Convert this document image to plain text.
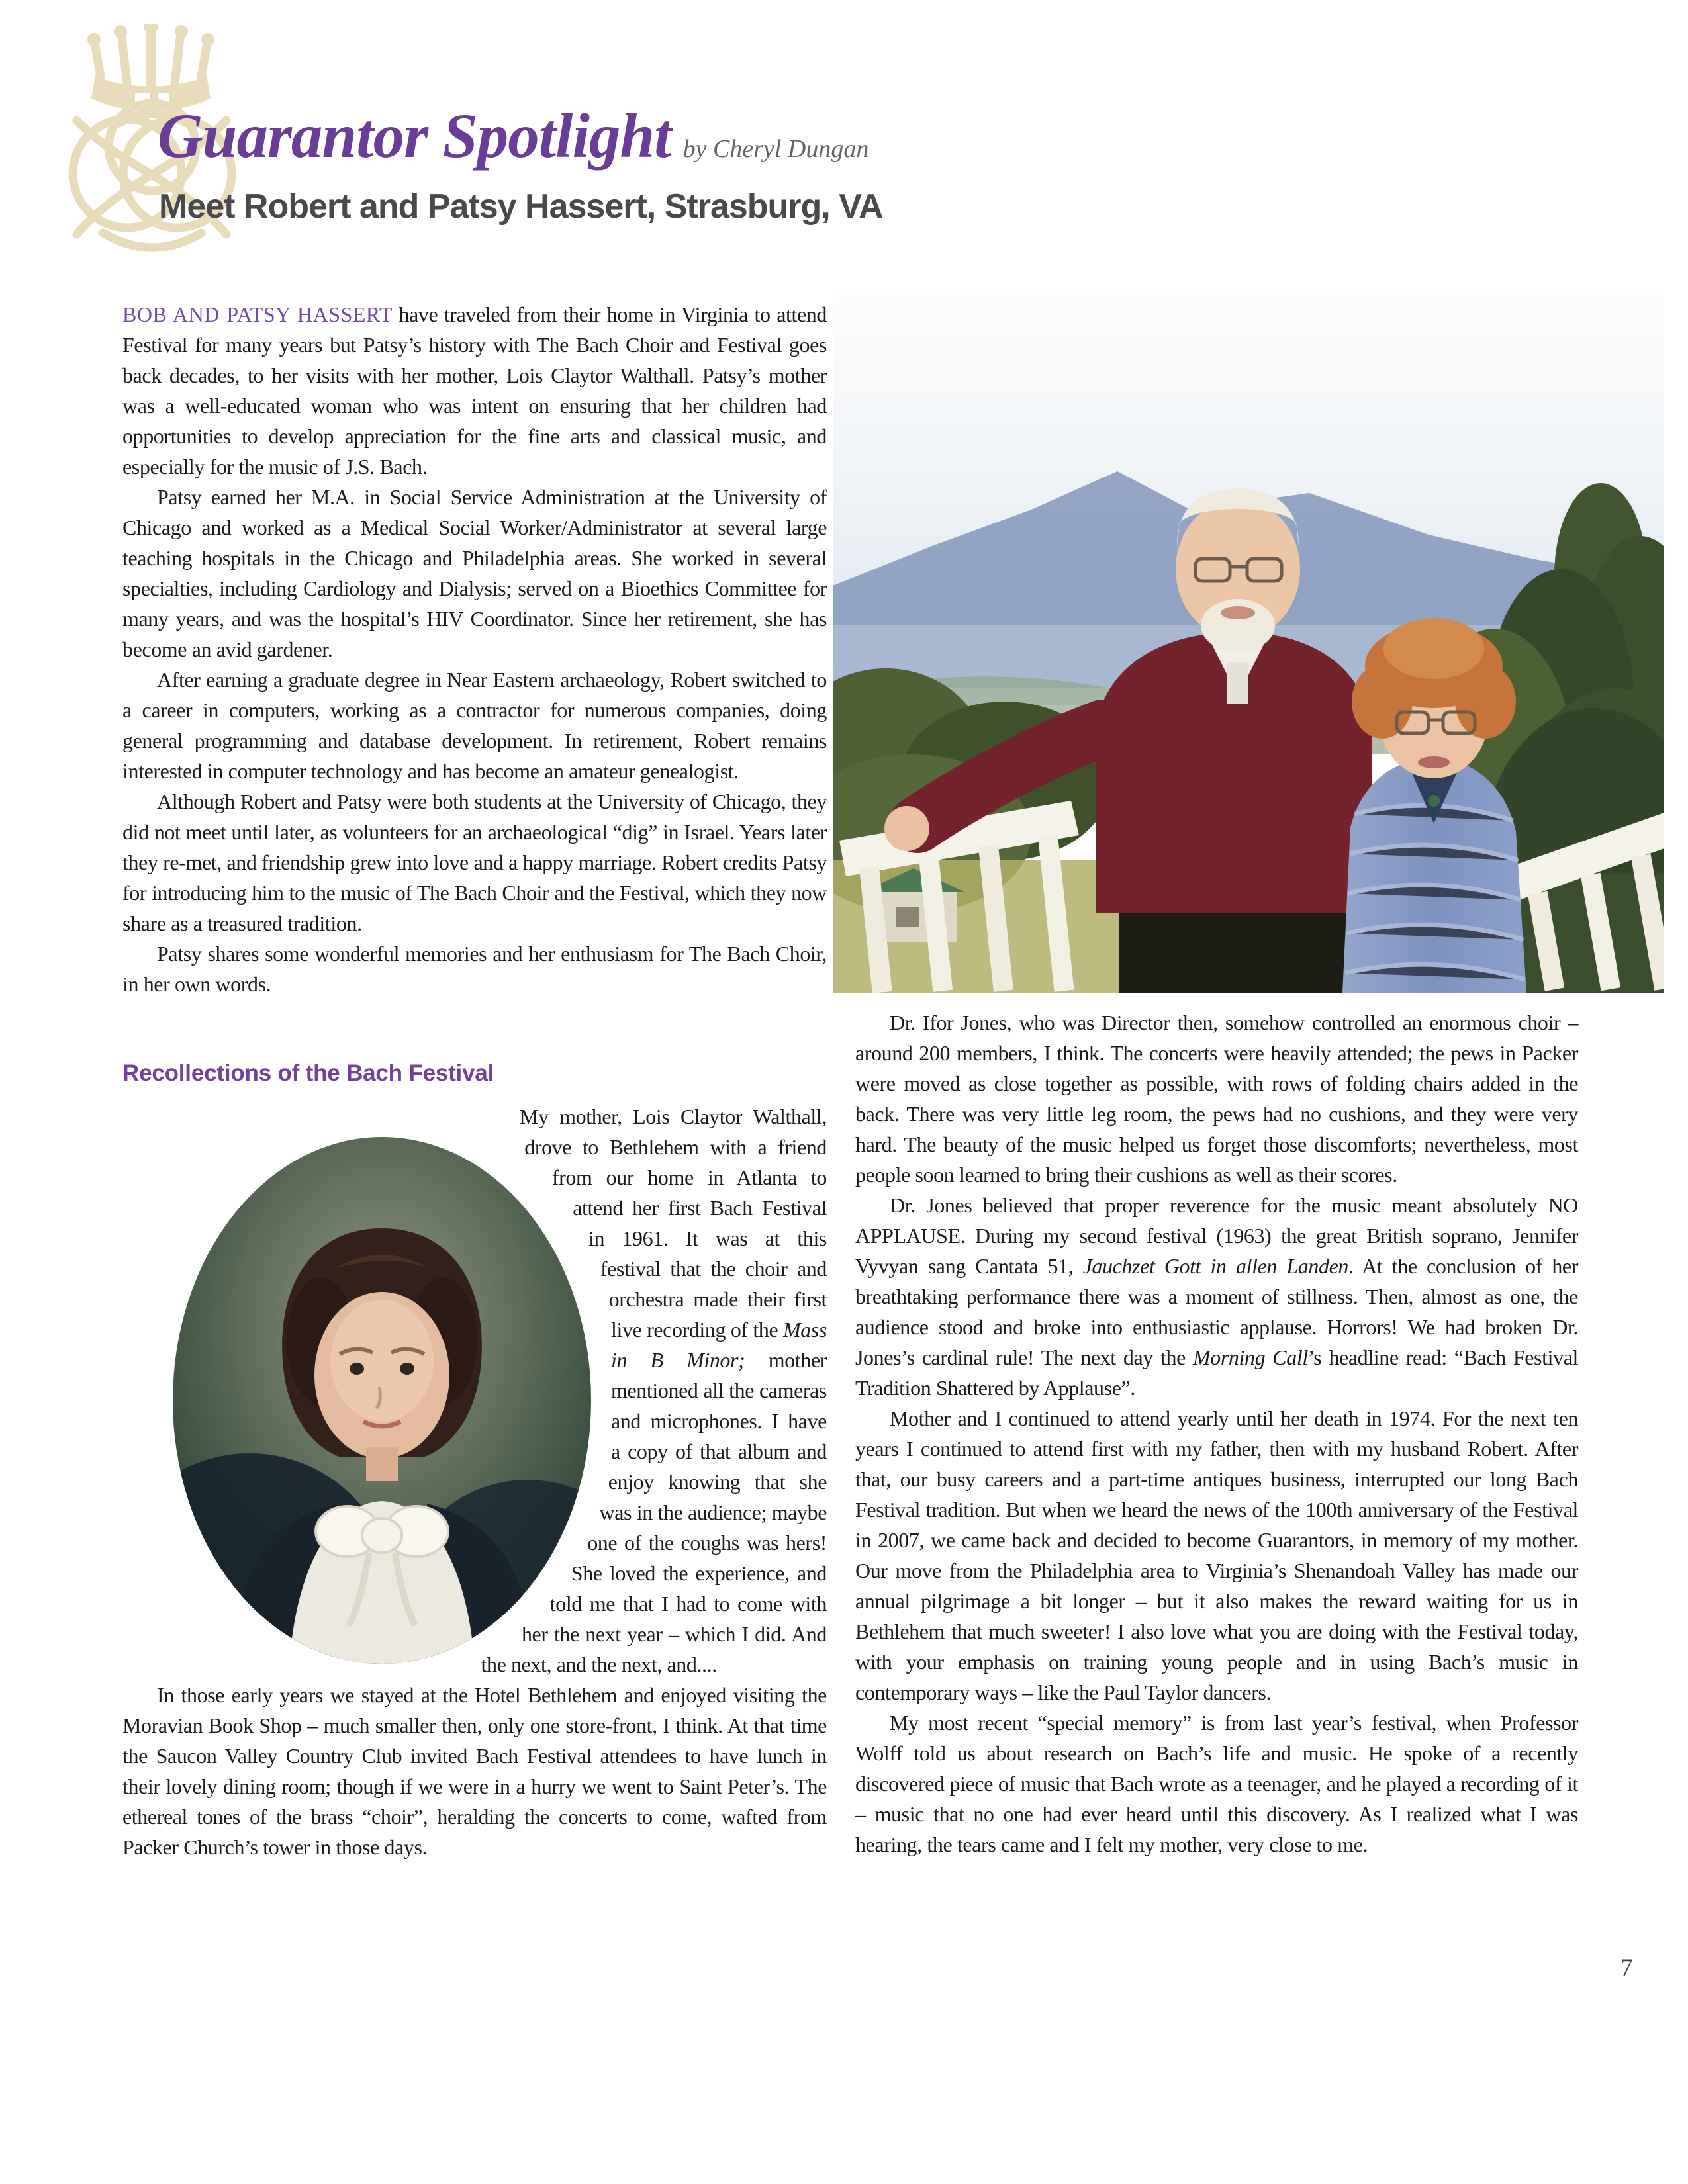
Guarantor Spotlight by Cheryl Dungan
Meet Robert and Patsy Hassert, Strasburg, VA

BOB AND PATSY HASSERT have traveled from their home in Virginia to attend Festival for many years but Patsy’s history with The Bach Choir and Festival goes back decades, to her visits with her mother, Lois Claytor Walthall. Patsy’s mother was a well-educated woman who was intent on ensuring that her children had opportunities to develop appreciation for the fine arts and classical music, and especially for the music of J.S. Bach.

Patsy earned her M.A. in Social Service Administration at the University of Chicago and worked as a Medical Social Worker/Administrator at several large teaching hospitals in the Chicago and Philadelphia areas. She worked in several specialties, including Cardiology and Dialysis; served on a Bioethics Committee for many years, and was the hospital’s HIV Coordinator. Since her retirement, she has become an avid gardener.

After earning a graduate degree in Near Eastern archaeology, Robert switched to a career in computers, working as a contractor for numerous companies, doing general programming and database development. In retirement, Robert remains interested in computer technology and has become an amateur genealogist.

Although Robert and Patsy were both students at the University of Chicago, they did not meet until later, as volunteers for an archaeological “dig” in Israel. Years later they re-met, and friendship grew into love and a happy marriage. Robert credits Patsy for introducing him to the music of The Bach Choir and the Festival, which they now share as a treasured tradition.

Patsy shares some wonderful memories and her enthusiasm for The Bach Choir, in her own words.

Recollections of the Bach Festival

My mother, Lois Claytor Walthall, drove to Bethlehem with a friend from our home in Atlanta to attend her first Bach Festival in 1961. It was at this festival that the choir and orchestra made their first live recording of the Mass in B Minor; mother mentioned all the cameras and microphones. I have a copy of that album and enjoy knowing that she was in the audience; maybe one of the coughs was hers! She loved the experience, and told me that I had to come with her the next year – which I did. And the next, and the next, and....

In those early years we stayed at the Hotel Bethlehem and enjoyed visiting the Moravian Book Shop – much smaller then, only one store-front, I think. At that time the Saucon Valley Country Club invited Bach Festival attendees to have lunch in their lovely dining room; though if we were in a hurry we went to Saint Peter’s. The ethereal tones of the brass “choir”, heralding the concerts to come, wafted from Packer Church’s tower in those days.

Dr. Ifor Jones, who was Director then, somehow controlled an enormous choir – around 200 members, I think. The concerts were heavily attended; the pews in Packer were moved as close together as possible, with rows of folding chairs added in the back. There was very little leg room, the pews had no cushions, and they were very hard. The beauty of the music helped us forget those discomforts; nevertheless, most people soon learned to bring their cushions as well as their scores.

Dr. Jones believed that proper reverence for the music meant absolutely NO APPLAUSE. During my second festival (1963) the great British soprano, Jennifer Vyvyan sang Cantata 51, Jauchzet Gott in allen Landen. At the conclusion of her breathtaking performance there was a moment of stillness. Then, almost as one, the audience stood and broke into enthusiastic applause. Horrors! We had broken Dr. Jones’s cardinal rule! The next day the Morning Call’s headline read: “Bach Festival Tradition Shattered by Applause”.

Mother and I continued to attend yearly until her death in 1974. For the next ten years I continued to attend first with my father, then with my husband Robert. After that, our busy careers and a part-time antiques business, interrupted our long Bach Festival tradition. But when we heard the news of the 100th anniversary of the Festival in 2007, we came back and decided to become Guarantors, in memory of my mother. Our move from the Philadelphia area to Virginia’s Shenandoah Valley has made our annual pilgrimage a bit longer – but it also makes the reward waiting for us in Bethlehem that much sweeter! I also love what you are doing with the Festival today, with your emphasis on training young people and in using Bach’s music in contemporary ways – like the Paul Taylor dancers.

My most recent “special memory” is from last year’s festival, when Professor Wolff told us about research on Bach’s life and music. He spoke of a recently discovered piece of music that Bach wrote as a teenager, and he played a recording of it – music that no one had ever heard until this discovery. As I realized what I was hearing, the tears came and I felt my mother, very close to me.

7
